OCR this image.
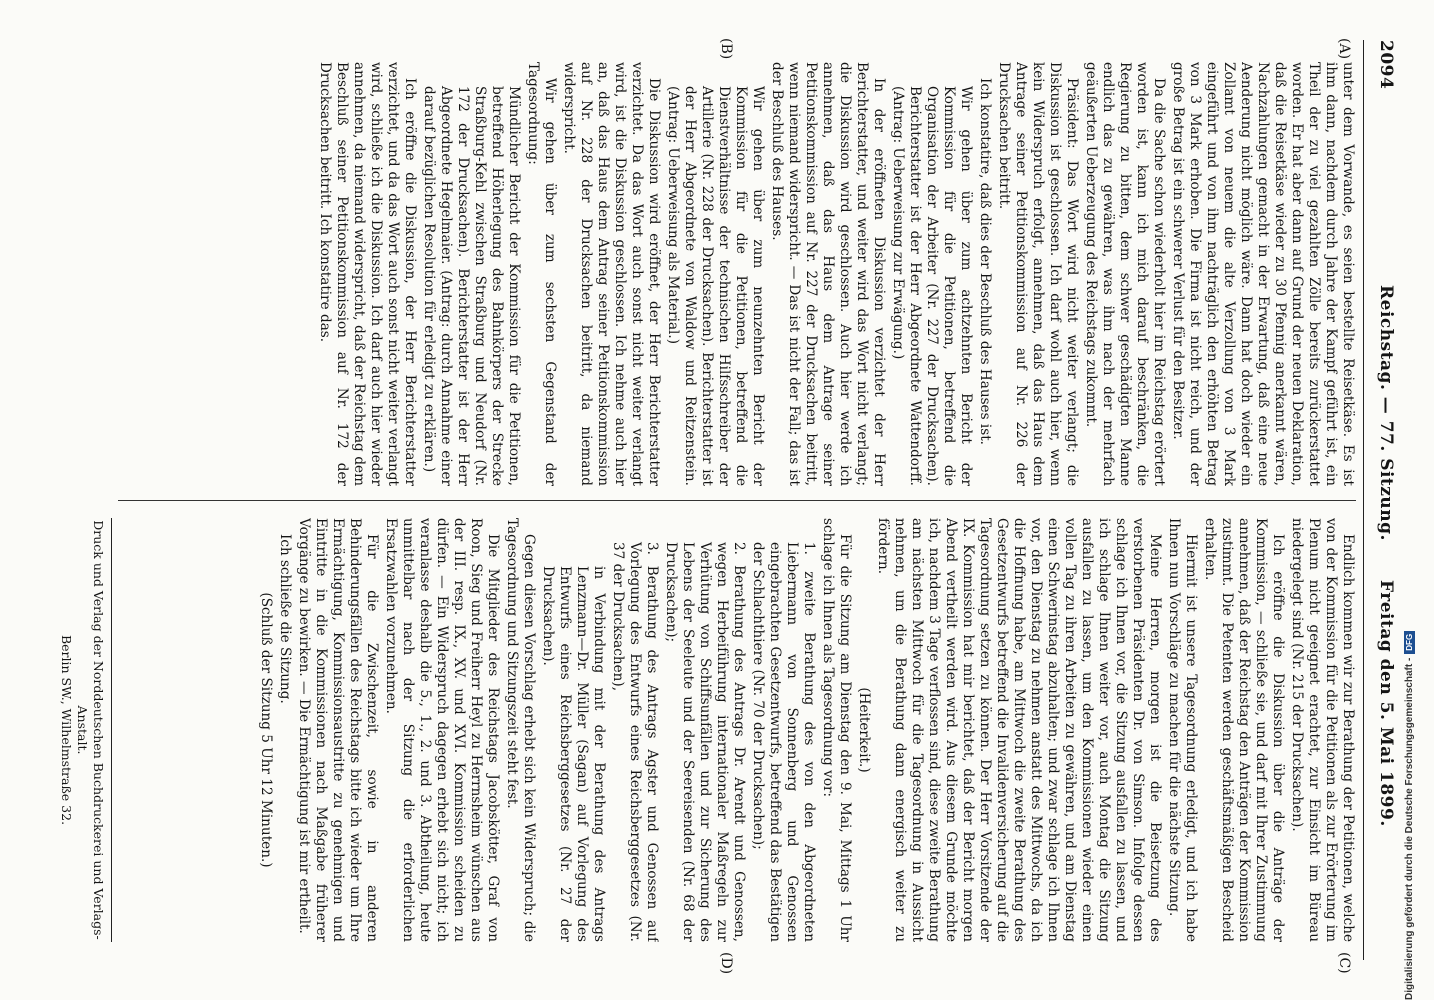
2094
Reichstag. — 77. Sitzung.
Freitag den 5. Mai 1899.
(A)
(B)
(C)
(D)

unter dem Vorwande, es seien bestellte Reisetkäse. Es ist ihm dann, nachdem durch Jahre der Kampf geführt ist, ein Theil der zu viel gezahlten Zölle bereits zurückerstattet worden. Er hat aber dann auf Grund der neuen Deklaration, daß die Reisetkäse wieder zu 30 Pfennig anerkannt wären, Nachzahlungen gemacht in der Erwartung, daß eine neue Aenderung nicht möglich wäre. Dann hat doch wieder ein Zollamt von neuem die alte Verzollung von 3 Mark eingeführt und von ihm nachträglich den erhöhten Betrag von 3 Mark erhoben. Die Firma ist nicht reich, und der große Betrag ist ein schwerer Verlust für den Besitzer.

Da die Sache schon wiederholt hier im Reichstag erörtert worden ist, kann ich mich darauf beschränken, die Regierung zu bitten, dem schwer geschädigten Manne endlich das zu gewähren, was ihm nach der mehrfach geäußerten Ueberzeugung des Reichstags zukommt.

Präsident: Das Wort wird nicht weiter verlangt; die Diskussion ist geschlossen. Ich darf wohl auch hier, wenn kein Widerspruch erfolgt, annehmen, daß das Haus dem Antrage seiner Petitionskommission auf Nr. 226 der Drucksachen beitritt.

Ich konstatire, daß dies der Beschluß des Hauses ist.

Wir gehen über zum achtzehnten Bericht der Kommission für die Petitionen, betreffend die Organisation der Arbeiter (Nr. 227 der Drucksachen). Berichterstatter ist der Herr Abgeordnete Wattendorff. (Antrag: Ueberweisung zur Erwägung.)

In der eröffneten Diskussion verzichtet der Herr Berichterstatter, und weiter wird das Wort nicht verlangt; die Diskussion wird geschlossen. Auch hier werde ich annehmen, daß das Haus dem Antrage seiner Petitionskommission auf Nr. 227 der Drucksachen beitritt, wenn niemand widerspricht. — Das ist nicht der Fall; das ist der Beschluß des Hauses.

Wir gehen über zum neunzehnten Bericht der Kommission für die Petitionen, betreffend die Dienstverhältnisse der technischen Hilfsschreiber der Artillerie (Nr. 228 der Drucksachen). Berichterstatter ist der Herr Abgeordnete von Waldow und Reitzenstein. (Antrag: Ueberweisung als Material.)

Die Diskussion wird eröffnet, der Herr Berichterstatter verzichtet. Da das Wort auch sonst nicht weiter verlangt wird, ist die Diskussion geschlossen. Ich nehme auch hier an, daß das Haus dem Antrag seiner Petitionskommission auf Nr. 228 der Drucksachen beitritt, da niemand widerspricht.

Wir gehen über zum sechsten Gegenstand der Tagesordnung:

Mündlicher Bericht der Kommission für die Petitionen, betreffend Höherlegung des Bahnkörpers der Strecke Straßburg-Kehl zwischen Straßburg und Neudorf (Nr. 172 der Drucksachen). Berichterstatter ist der Herr Abgeordnete Hegelmaier. (Antrag: durch Annahme einer darauf bezüglichen Resolution für erledigt zu erklären.)

Ich eröffne die Diskussion, der Herr Berichterstatter verzichtet, und da das Wort auch sonst nicht weiter verlangt wird, schließe ich die Diskussion. Ich darf auch hier wieder annehmen, da niemand widerspricht, daß der Reichstag dem Beschluß seiner Petitionskommission auf Nr. 172 der Drucksachen beitritt. Ich konstatire das.

Endlich kommen wir zur Berathung der Petitionen, welche von der Kommission für die Petitionen als zur Erörterung im Plenum nicht geeignet erachtet, zur Einsicht im Büreau niedergelegt sind (Nr. 215 der Drucksachen).

Ich eröffne die Diskussion über die Anträge der Kommission, — schließe sie, und darf mit Ihrer Zustimmung annehmen, daß der Reichstag den Anträgen der Kommission zustimmt. Die Petenten werden geschäftsmäßigen Bescheid erhalten.

Hiermit ist unsere Tagesordnung erledigt, und ich habe Ihnen nun Vorschläge zu machen für die nächste Sitzung.

Meine Herren, morgen ist die Beisetzung des verstorbenen Präsidenten Dr. von Simson. Infolge dessen schlage ich Ihnen vor, die Sitzung ausfallen zu lassen, und ich schlage Ihnen weiter vor, auch Montag die Sitzung ausfallen zu lassen, um den Kommissionen wieder einen vollen Tag zu ihren Arbeiten zu gewähren, und am Dienstag einen Schwerinstag abzuhalten; und zwar schlage ich Ihnen vor, den Dienstag zu nehmen anstatt des Mittwochs, da ich die Hoffnung habe, am Mittwoch die zweite Berathung des Gesetzentwurfs betreffend die Invalidenversicherung auf die Tagesordnung setzen zu können. Der Herr Vorsitzende der IX. Kommission hat mir berichtet, daß der Bericht morgen Abend vertheilt werden wird. Aus diesem Grunde möchte ich, nachdem 3 Tage verflossen sind, diese zweite Berathung am nächsten Mittwoch für die Tagesordnung in Aussicht nehmen, um die Berathung dann energisch weiter zu fördern.

(Heiterkeit.)

Für die Sitzung am Dienstag den 9. Mai, Mittags 1 Uhr schlage ich Ihnen als Tagesordnung vor:

1. zweite Berathung des von den Abgeordneten Liebermann von Sonnenberg und Genossen eingebrachten Gesetzentwurfs, betreffend das Bestätigen der Schlachthiere (Nr. 70 der Drucksachen);

2. Berathung des Antrags Dr. Arendt und Genossen, wegen Herbeiführung internationaler Maßregeln zur Verhütung von Schiffsunfällen und zur Sicherung des Lebens der Seeleute und der Seereisenden (Nr. 68 der Drucksachen);

3. Berathung des Antrags Agster und Genossen auf Vorlegung des Entwurfs eines Reichsberggesetzes (Nr. 37 der Drucksachen),

in Verbindung mit der Berathung des Antrags Lenzmann—Dr. Müller (Sagan) auf Vorlegung des Entwurfs eines Reichsberggesetzes (Nr. 27 der Drucksachen).

Gegen diesen Vorschlag erhebt sich kein Widerspruch; die Tagesordnung und Sitzungszeit steht fest.

Die Mitglieder des Reichstags Jacobskötter, Graf von Roon, Sieg und Freiherr Heyl zu Herrnsheim wünschen aus der III. resp. IX., XV. und XVI. Kommission scheiden zu dürfen. — Ein Widerspruch dagegen erhebt sich nicht; ich veranlasse deshalb die 5., 1., 2. und 3. Abtheilung, heute unmittelbar nach der Sitzung die erforderlichen Ersatzwahlen vorzunehmen.

Für die Zwischenzeit, sowie in anderen Behinderungsfällen des Reichstags bitte ich wieder um Ihre Ermächtigung, Kommissionsaustritte zu genehmigen und Eintritte in die Kommissionen nach Maßgabe früherer Vorgänge zu bewirken. — Die Ermächtigung ist mir ertheilt.

Ich schließe die Sitzung.

(Schluß der Sitzung 5 Uhr 12 Minuten.)

Druck und Verlag der Norddeutschen Buchdruckerei und Verlags-Anstalt.
Berlin SW., Wilhelmstraße 32.	Digitalisierung gefördert durch die Deutsche Forschungsgemeinschaft -DFG
